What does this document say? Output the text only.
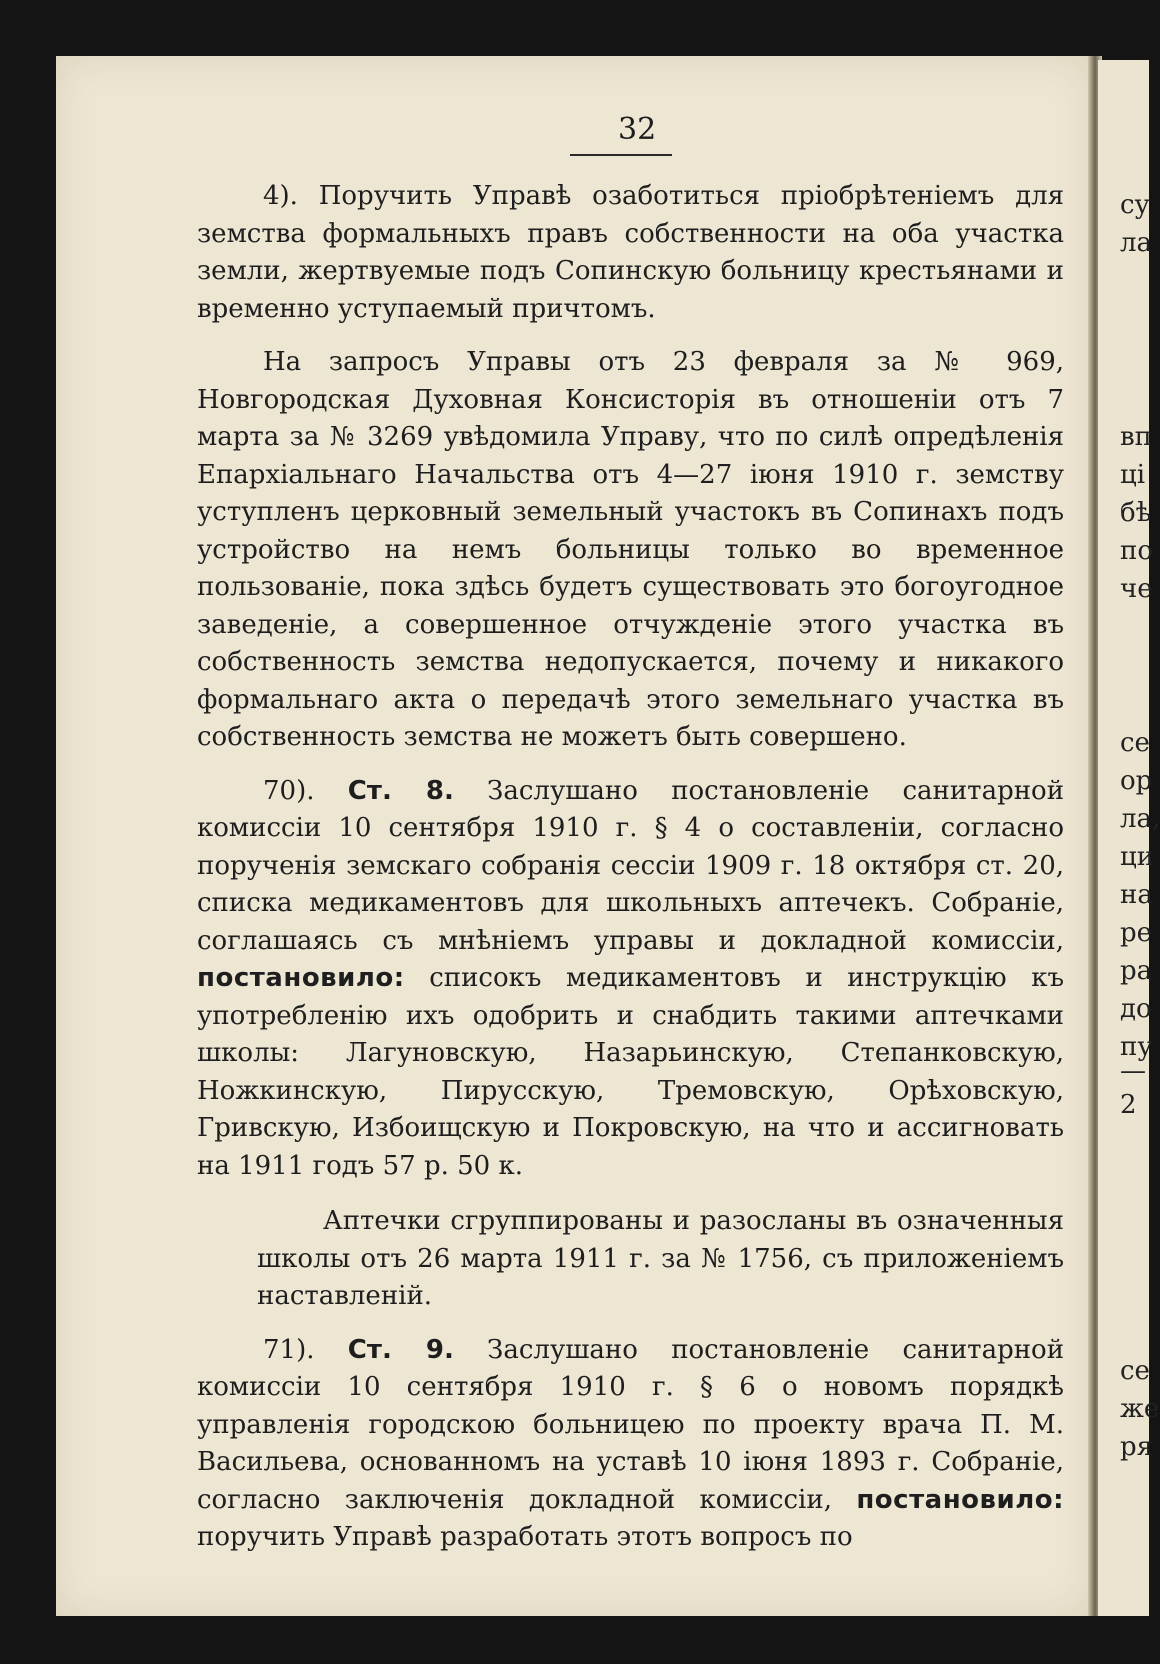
32

4). Поручить Управѣ озаботиться пріобрѣтеніемъ для земства формальныхъ правъ собственности на оба участка земли, жертвуемые подъ Сопинскую больницу крестьянами и временно уступаемый причтомъ.

На запросъ Управы отъ 23 февраля за № 969, Новгородская Духовная Консисторія въ отношеніи отъ 7 марта за № 3269 увѣдомила Управу, что по силѣ опредѣленія Епархіальнаго Начальства отъ 4—27 іюня 1910 г. земству уступленъ церковный земельный участокъ въ Сопинахъ подъ устройство на немъ больницы только во временное пользованіе, пока здѣсь будетъ существовать это богоугодное заведеніе, а совершенное отчужденіе этого участка въ собственность земства недопускается, почему и никакого формальнаго акта о передачѣ этого земельнаго участка въ собственность земства не можетъ быть совершено.

70). Ст. 8. Заслушано постановленіе санитарной комиссіи 10 сентября 1910 г. § 4 о составленіи, согласно порученія земскаго собранія сессіи 1909 г. 18 октября ст. 20, списка медикаментовъ для школьныхъ аптечекъ. Собраніе, соглашаясь съ мнѣніемъ управы и докладной комиссіи, постановило: списокъ медикаментовъ и инструкцію къ употребленію ихъ одобрить и снабдить такими аптечками школы: Лагуновскую, Назарьинскую, Степанковскую, Ножкинскую, Пирусскую, Тремовскую, Орѣховскую, Гривскую, Избоищскую и Покровскую, на что и ассигновать на 1911 годъ 57 р. 50 к.

Аптечки сгруппированы и разосланы въ означенныя школы отъ 26 марта 1911 г. за № 1756, съ приложеніемъ наставленій.

71). Ст. 9. Заслушано постановленіе санитарной комиссіи 10 сентября 1910 г. § 6 о новомъ порядкѣ управленія городскою больницею по проекту врача П. М. Васильева, основанномъ на уставѣ 10 іюня 1893 г. Собраніе, согласно заключенія докладной комиссіи, постановило: поручить Управѣ разработать этотъ вопросъ по

су
ла
вп
ці
бѣ
по
че
се
ор
ла,
ци
на
ре
ра
до
пу
—
2
се
же
ря
